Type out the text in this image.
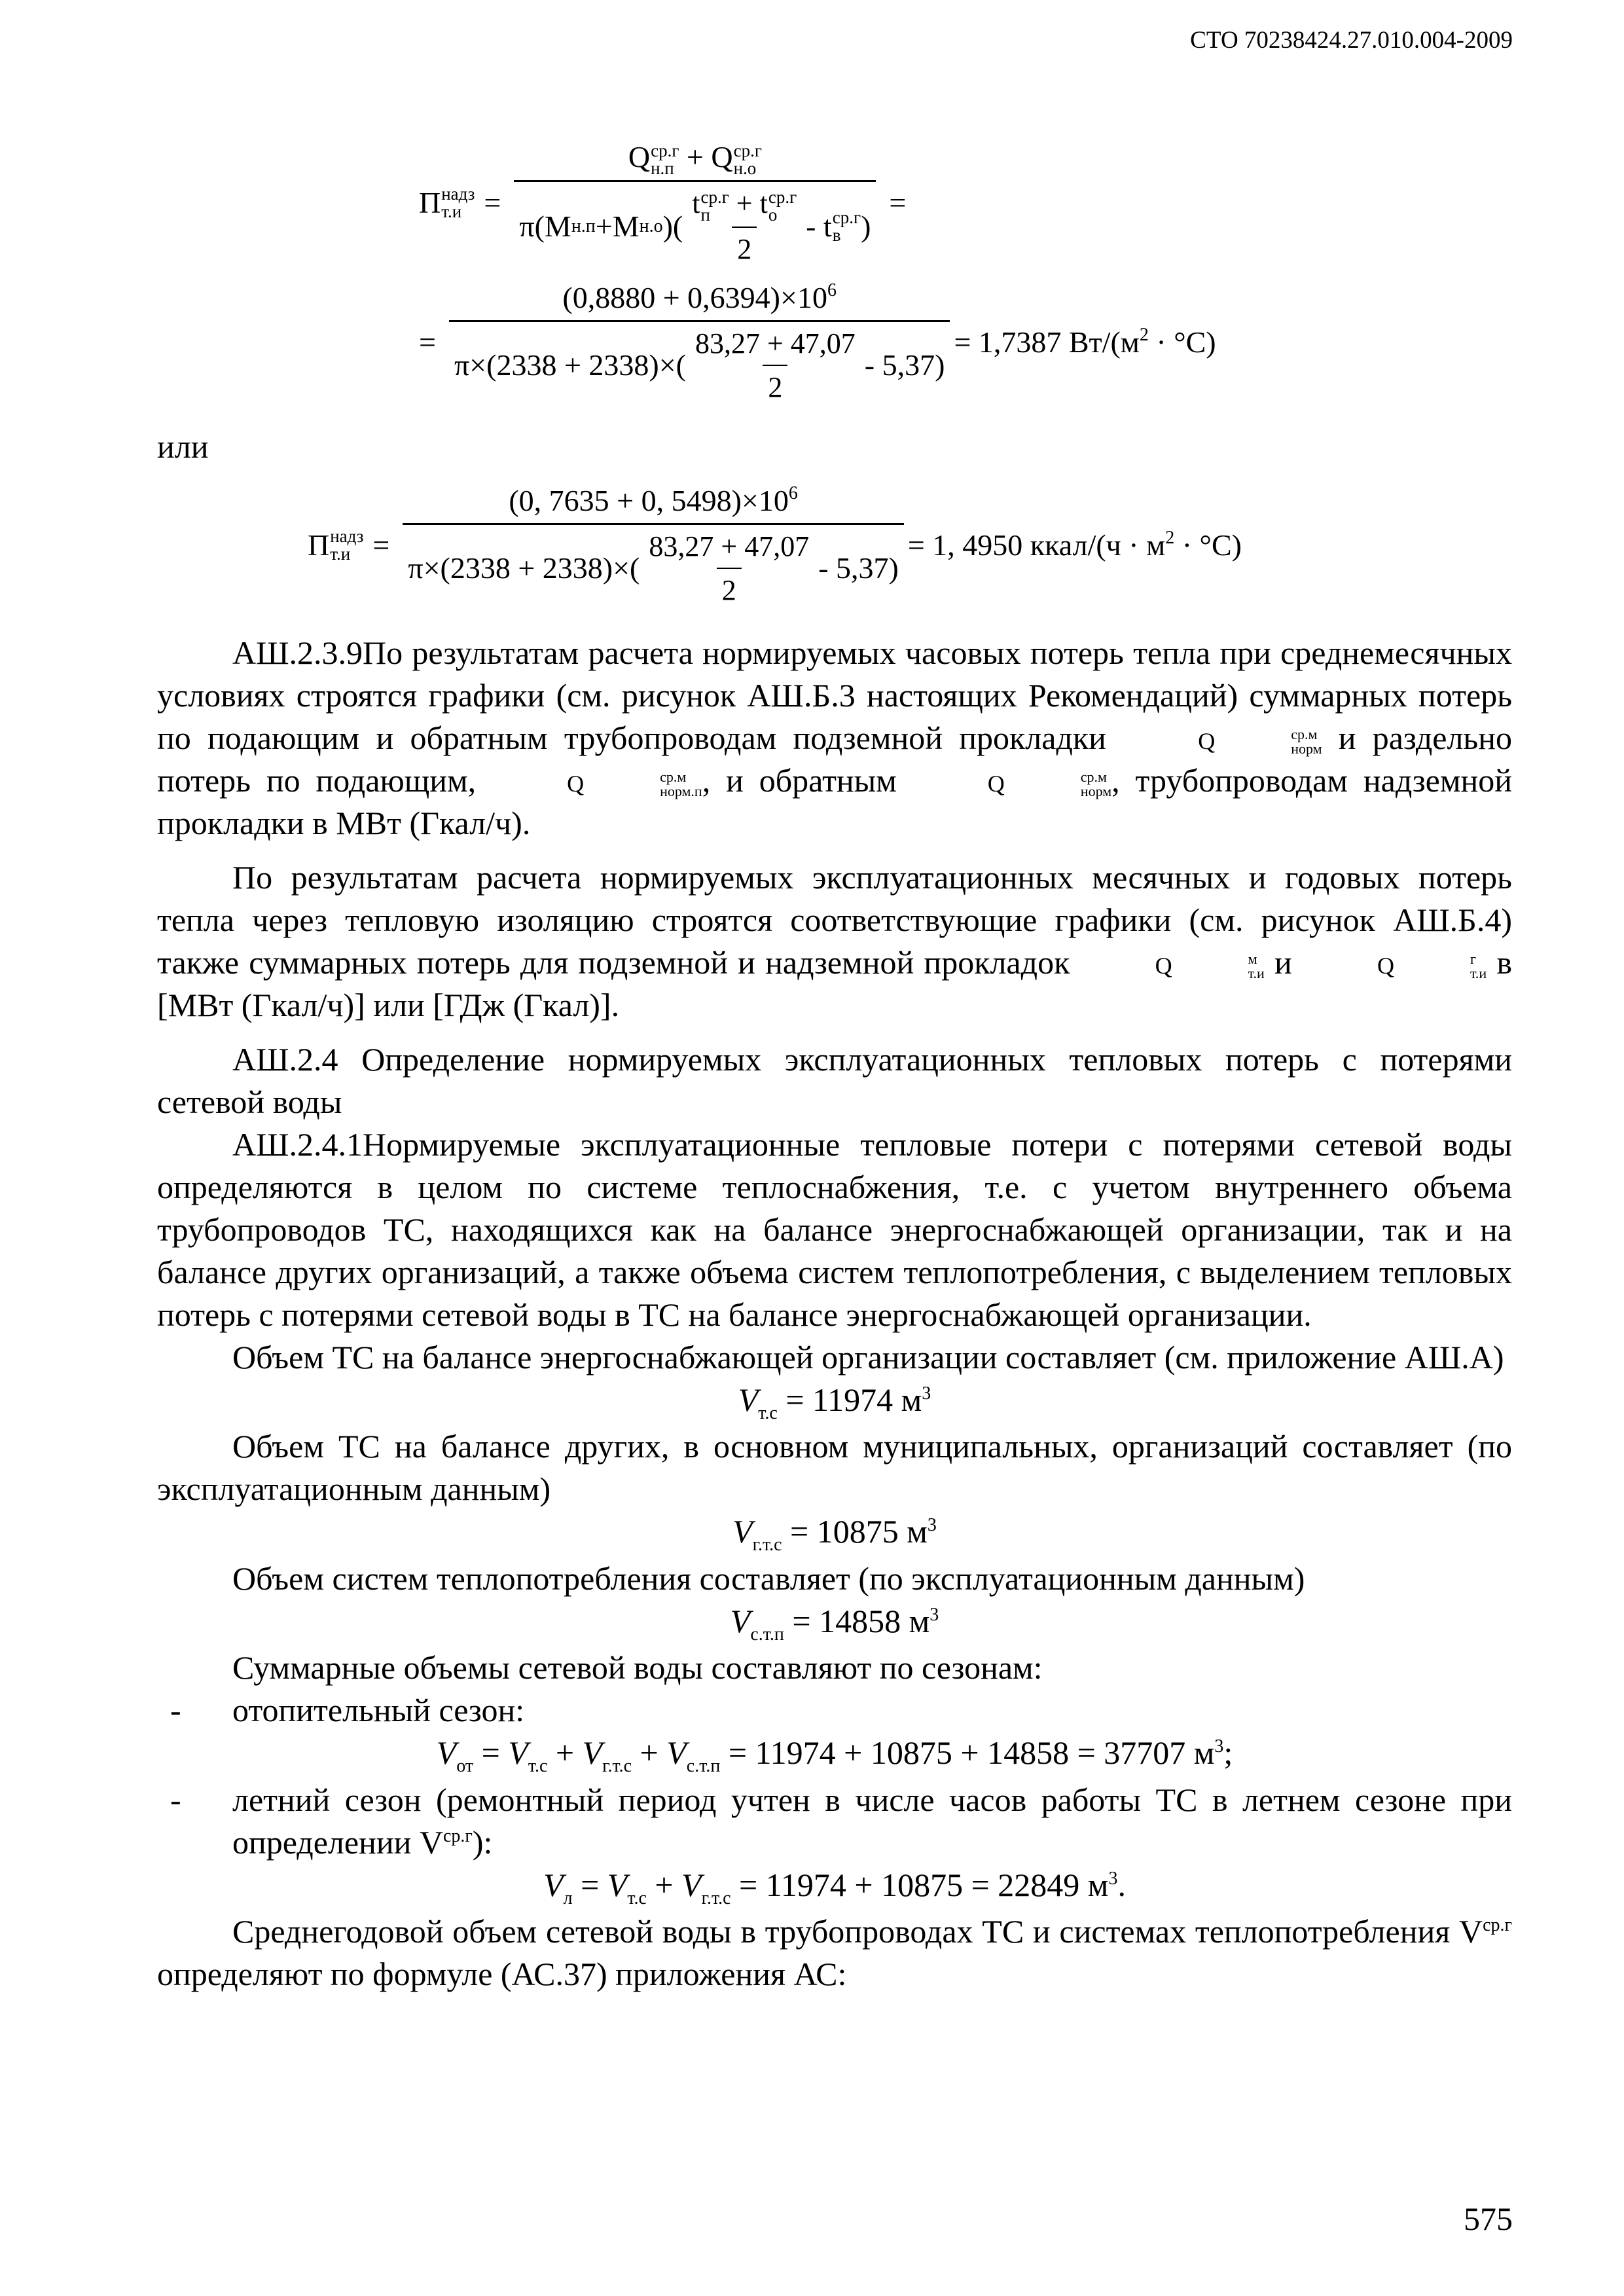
СТО 70238424.27.010.004-2009
П надз
т.и =
Q ср.г
н.п + Q ср.г
н.о
π(M н.п +M н.о )( t ср.г
п + t ср.г
о
2 - t ср.г
в )
=
=
$(0,8880 + 0,6394)\times 10^6$
$\pi\times(2338 + 2338)\times( \frac{83,27 + 47,07}{2} - 5,37)$
= 1,7387 $Вт/(м^2 \cdot ^\circ С)$
или
П надз
т.и =
(0, 7635 + 0, $5498)\times 10^6$
$\pi\times(2338 + 2338)\times( \frac{83,27 + 47,07}{2} - 5,37)$
= 1, 4950 ккал/(ч · $м^2 \cdot ^\circ С$)

АШ.2.3.9По результатам расчета нормируемых часовых потерь тепла при среднемесячных условиях строятся графики (см. рисунок АШ.Б.3 настоящих Рекомендаций) суммарных потерь по подающим и обратным трубопроводам подземной прокладки	Q	ср.м
норм и раздельно потерь по подающим,	Q	ср.м
норм.п , и обратным	Q	ср.м
норм , трубопроводам надземной прокладки в МВт (Гкал/ч).

По результатам расчета нормируемых эксплуатационных месячных и годовых потерь тепла через тепловую изоляцию строятся соответствующие графики (см. рисунок АШ.Б.4) также суммарных потерь для подземной и надземной прокладок	Q	м
т.и и	Q	г
т.и в [МВт (Гкал/ч)] или [ГДж (Гкал)].

АШ.2.4 Определение нормируемых эксплуатационных тепловых потерь с потерями сетевой воды

АШ.2.4.1Нормируемые эксплуатационные тепловые потери с потерями сетевой воды определяются в целом по системе теплоснабжения, т.е. с учетом внутреннего объема трубопроводов ТС, находящихся как на балансе энергоснабжающей организации, так и на балансе других организаций, а также объема систем теплопотребления, с выделением тепловых потерь с потерями сетевой воды в ТС на балансе энергоснабжающей организации.

Объем ТС на балансе энергоснабжающей организации составляет (см. приложение АШ.А)

$V_{т.с} = 11974$ $м^3$

Объем ТС на балансе других, в основном муниципальных, организаций составляет (по эксплуатационным данным)

$V_{г.т.с} = 10875$ $м^3$

Объем систем теплопотребления составляет (по эксплуатационным данным)

$V_{с.т.п} = 14858$ $м^3$

Суммарные объемы сетевой воды составляют по сезонам:

-	отопительный сезон:

$V_{от} = V_{т.с} + V_{г.т.с} + V_{с.т.п} = 11974 + 10875 + 14858 = 37707$ $м^3$;

-	летний сезон (ремонтный период учтен в числе часов работы ТС в летнем сезоне при определении $V^{ср.г}$):

$V_л = V_{т.с} + V_{г.т.с} = 11974 + 10875 = 22849$ $м^3$.

Среднегодовой объем сетевой воды в трубопроводах ТС и системах теплопотребления $V^{ср.г}$ определяют по формуле (АС.37) приложения АС:

575
